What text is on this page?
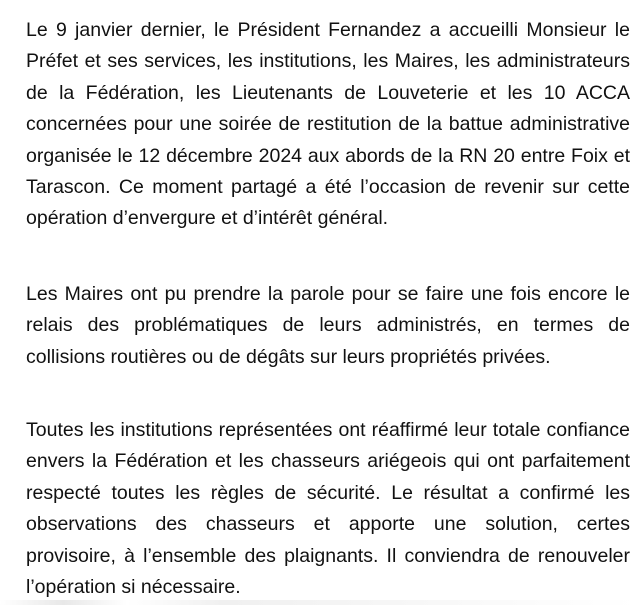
Le 9 janvier dernier, le Président Fernandez a accueilli Monsieur le Préfet et ses services, les institutions, les Maires, les administrateurs de la Fédération, les Lieutenants de Louveterie et les 10 ACCA concernées pour une soirée de restitution de la battue administrative organisée le 12 décembre 2024 aux abords de la RN 20 entre Foix et Tarascon. Ce moment partagé a été l’occasion de revenir sur cette opération d’envergure et d’intérêt général.

Les Maires ont pu prendre la parole pour se faire une fois encore le relais des problématiques de leurs administrés, en termes de collisions routières ou de dégâts sur leurs propriétés privées.

Toutes les institutions représentées ont réaffirmé leur totale confiance envers la Fédération et les chasseurs ariégeois qui ont parfaitement respecté toutes les règles de sécurité. Le résultat a confirmé les observations des chasseurs et apporte une solution, certes provisoire, à l’ensemble des plaignants. Il conviendra de renouveler l’opération si nécessaire.
